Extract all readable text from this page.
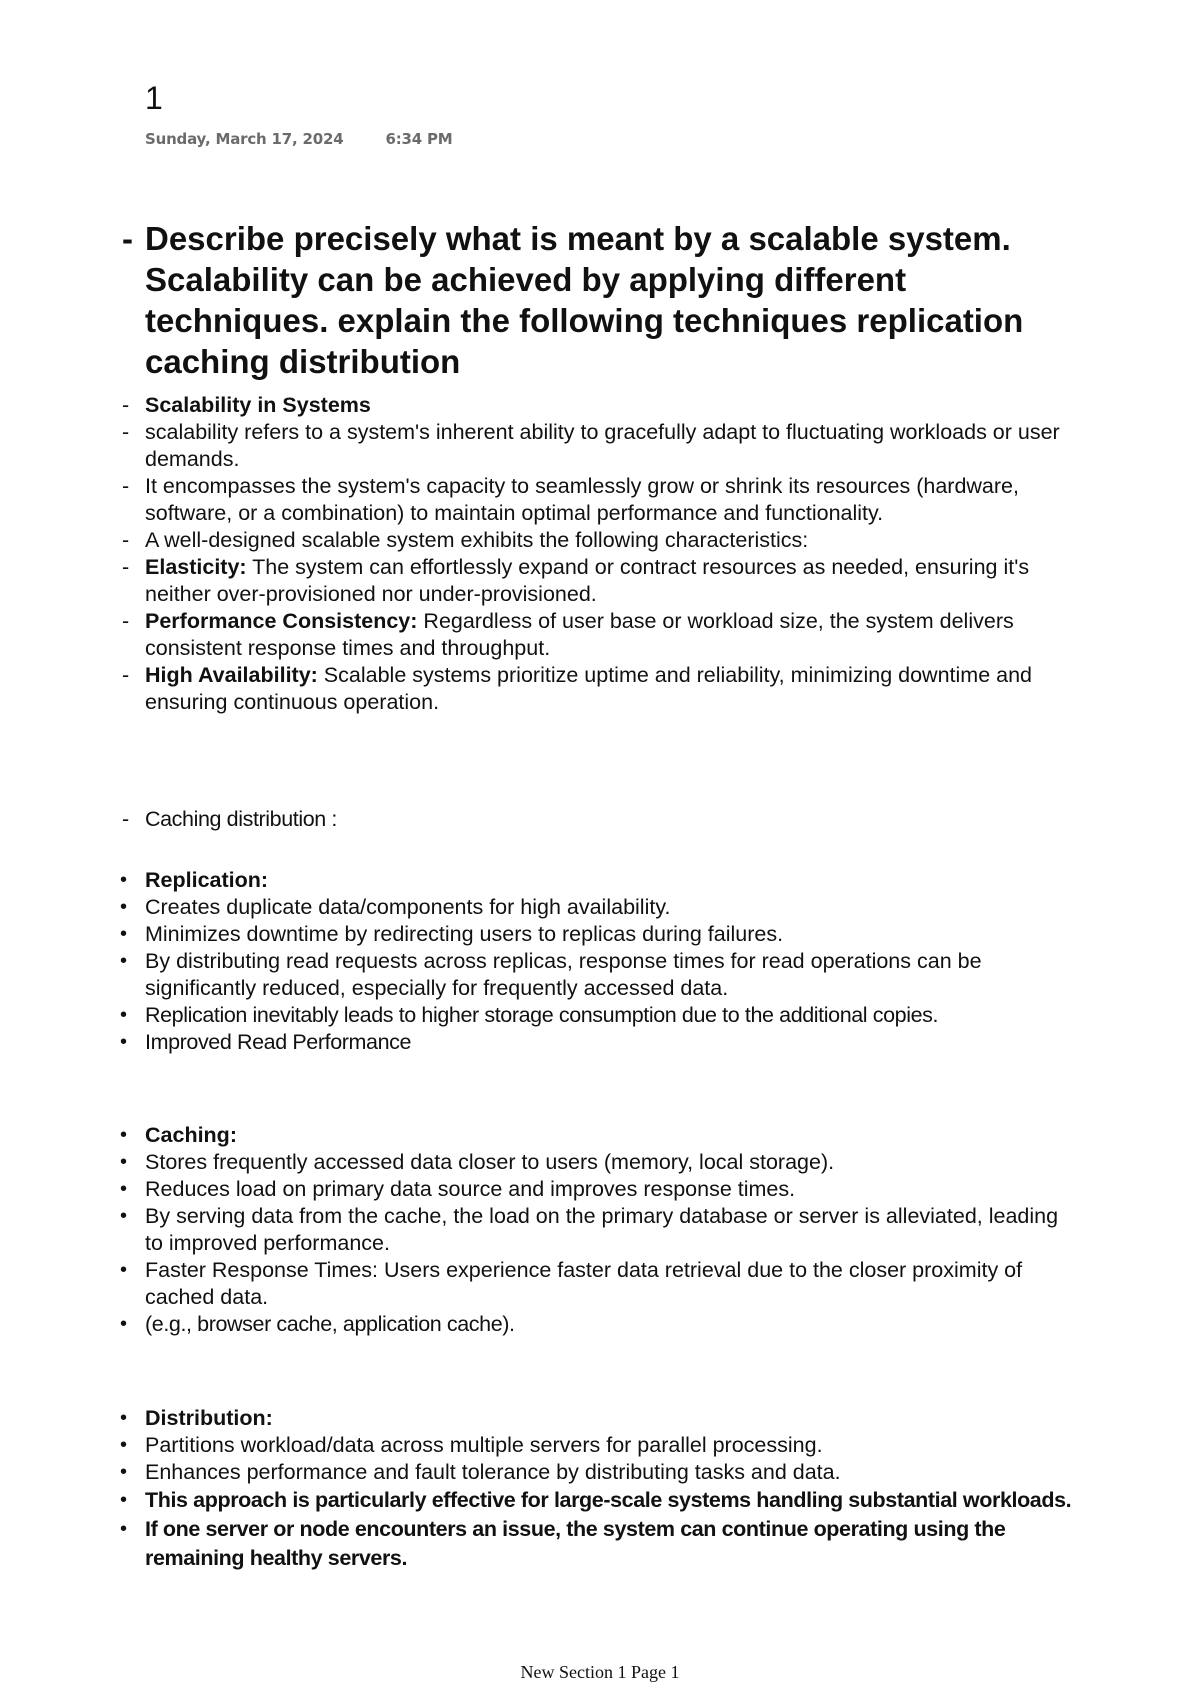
1
Sunday, March 17, 2024	6:34 PM
- Describe precisely what is meant by a scalable system. Scalability can be achieved by applying different techniques. explain the following techniques replication caching distribution
- Scalability in Systems
- scalability refers to a system's inherent ability to gracefully adapt to fluctuating workloads or user demands.
- It encompasses the system's capacity to seamlessly grow or shrink its resources (hardware, software, or a combination) to maintain optimal performance and functionality.
- A well-designed scalable system exhibits the following characteristics:
- Elasticity: The system can effortlessly expand or contract resources as needed, ensuring it's neither over-provisioned nor under-provisioned.
- Performance Consistency: Regardless of user base or workload size, the system delivers consistent response times and throughput.
- High Availability: Scalable systems prioritize uptime and reliability, minimizing downtime and ensuring continuous operation.
- Caching distribution :
• Replication:
• Creates duplicate data/components for high availability.
• Minimizes downtime by redirecting users to replicas during failures.
• By distributing read requests across replicas, response times for read operations can be significantly reduced, especially for frequently accessed data.
• Replication inevitably leads to higher storage consumption due to the additional copies.
• Improved Read Performance
• Caching:
• Stores frequently accessed data closer to users (memory, local storage).
• Reduces load on primary data source and improves response times.
• By serving data from the cache, the load on the primary database or server is alleviated, leading to improved performance.
• Faster Response Times: Users experience faster data retrieval due to the closer proximity of cached data.
• (e.g., browser cache, application cache).
• Distribution:
• Partitions workload/data across multiple servers for parallel processing.
• Enhances performance and fault tolerance by distributing tasks and data.
• This approach is particularly effective for large-scale systems handling substantial workloads.
• If one server or node encounters an issue, the system can continue operating using the remaining healthy servers.
New Section 1 Page 1
